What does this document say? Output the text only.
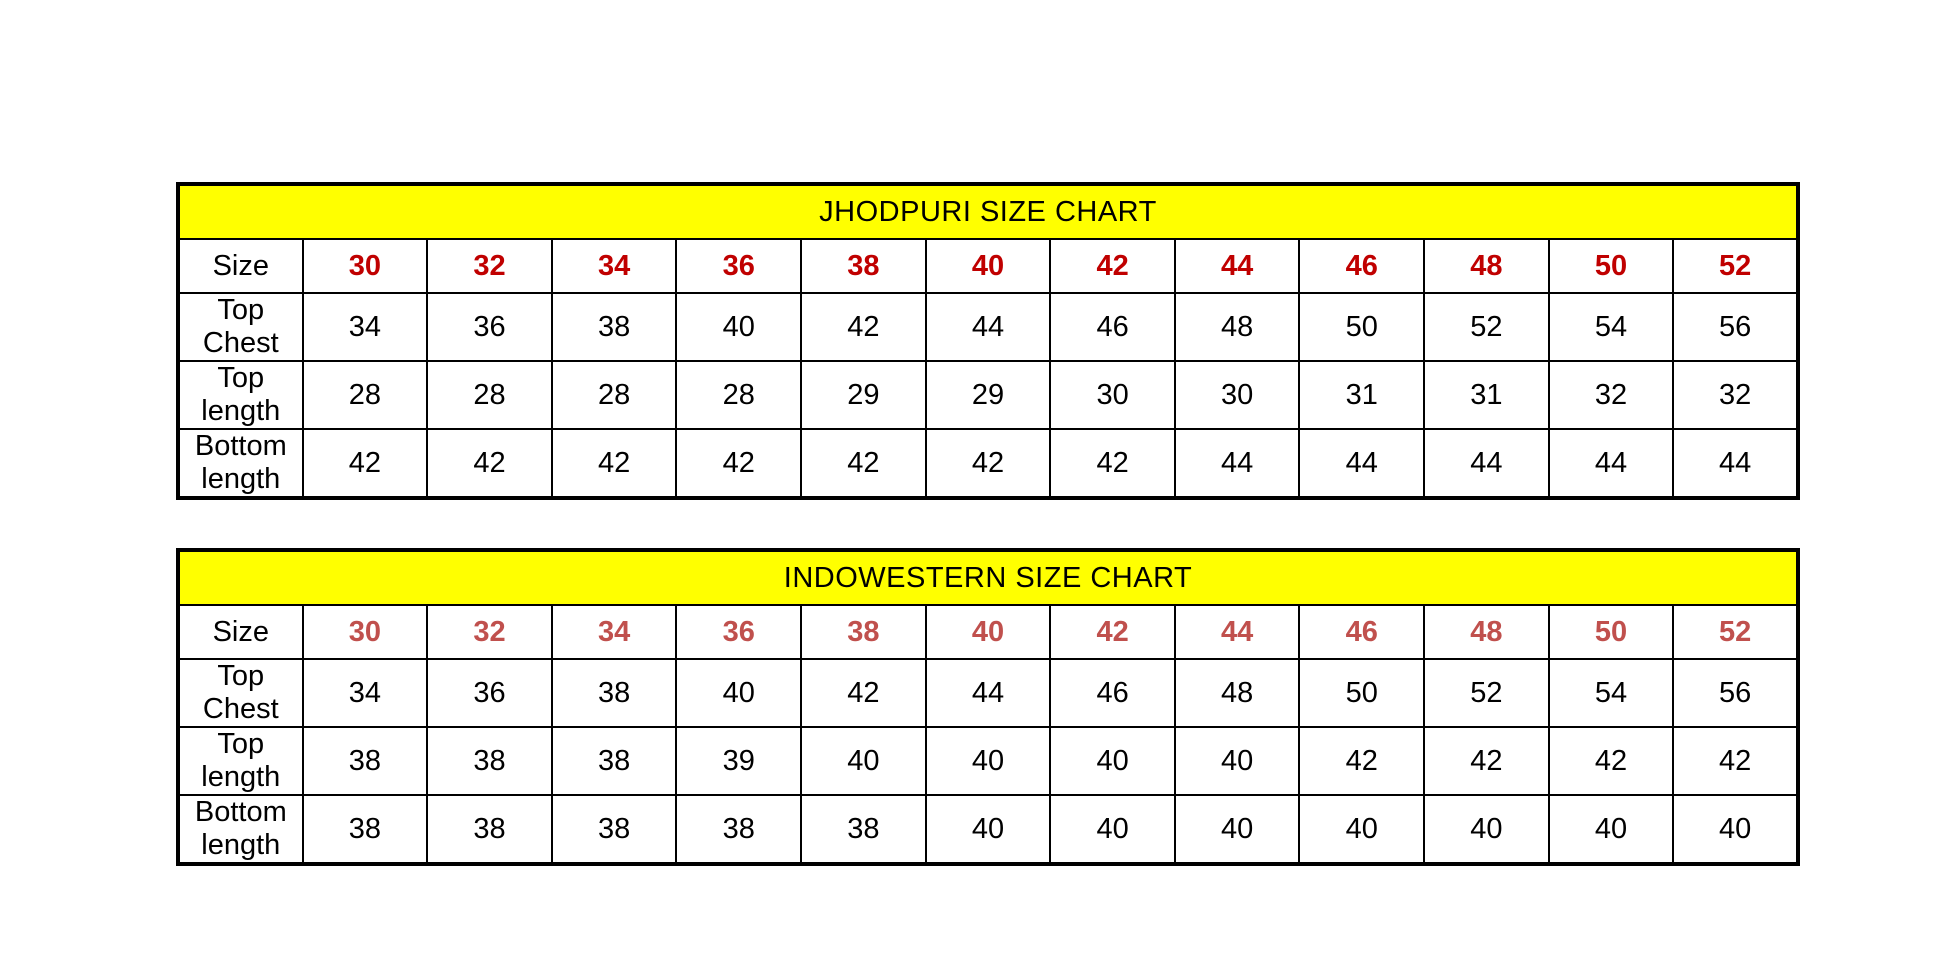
JHODPURI SIZE CHART												
Size	30	32	34	36	38	40	42	44	46	48	50	52
Top Chest	34	36	38	40	42	44	46	48	50	52	54	56
Top length	28	28	28	28	29	29	30	30	31	31	32	32
Bottom length	42	42	42	42	42	42	42	44	44	44	44	44
INDOWESTERN SIZE CHART												
Size	30	32	34	36	38	40	42	44	46	48	50	52
Top Chest	34	36	38	40	42	44	46	48	50	52	54	56
Top length	38	38	38	39	40	40	40	40	42	42	42	42
Bottom length	38	38	38	38	38	40	40	40	40	40	40	40
